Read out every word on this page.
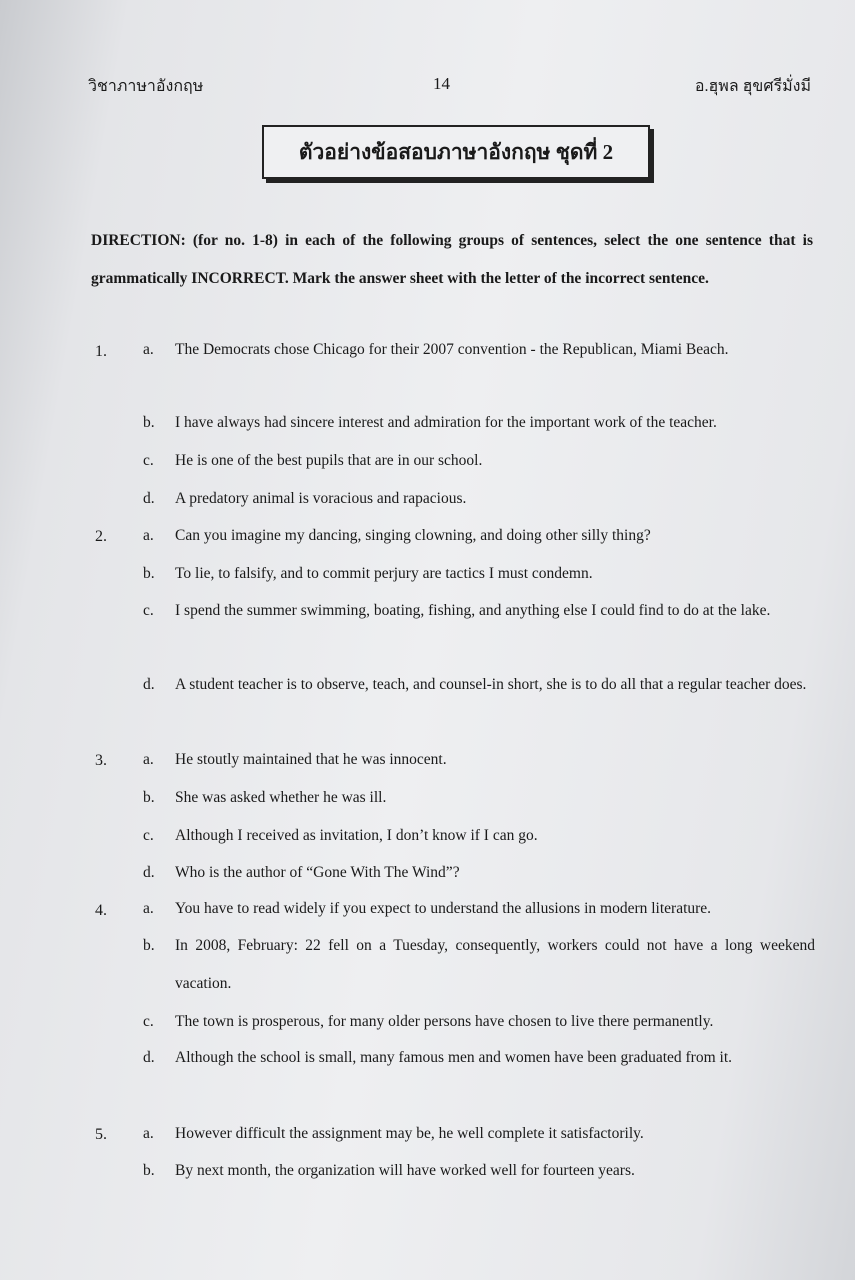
วิชาภาษาอังกฤษ	14	อ.ฮุพล ฮุขศรีมั่งมี
ตัวอย่างข้อสอบภาษาอังกฤษ ชุดที่ 2
DIRECTION: (for no. 1-8) in each of the following groups of sentences, select the one sentence that is grammatically INCORRECT. Mark the answer sheet with the letter of the incorrect sentence.
1. a. The Democrats chose Chicago for their 2007 convention - the Republican, Miami Beach.
b. I have always had sincere interest and admiration for the important work of the teacher.
c. He is one of the best pupils that are in our school.
d. A predatory animal is voracious and rapacious.
2. a. Can you imagine my dancing, singing clowning, and doing other silly thing?
b. To lie, to falsify, and to commit perjury are tactics I must condemn.
c. I spend the summer swimming, boating, fishing, and anything else I could find to do at the lake.
d. A student teacher is to observe, teach, and counsel-in short, she is to do all that a regular teacher does.
3. a. He stoutly maintained that he was innocent.
b. She was asked whether he was ill.
c. Although I received as invitation, I don’t know if I can go.
d. Who is the author of “Gone With The Wind”?
4. a. You have to read widely if you expect to understand the allusions in modern literature.
b. In 2008, February: 22 fell on a Tuesday, consequently, workers could not have a long weekend vacation.
c. The town is prosperous, for many older persons have chosen to live there permanently.
d. Although the school is small, many famous men and women have been graduated from it.
5. a. However difficult the assignment may be, he well complete it satisfactorily.
b. By next month, the organization will have worked well for fourteen years.
